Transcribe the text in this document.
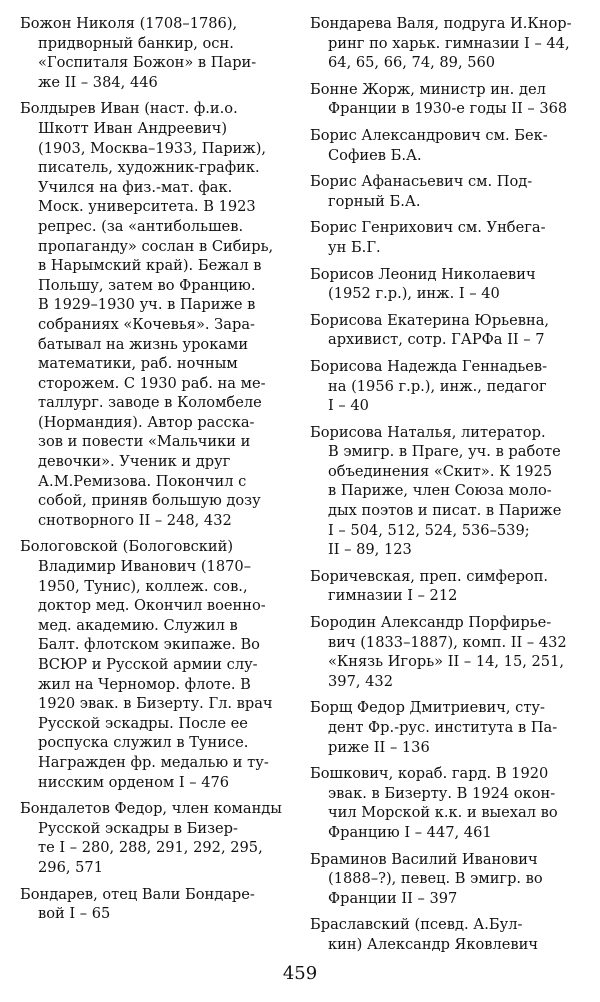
Божон Николя (1708–1786),
придворный банкир, осн.
«Госпиталя Божон» в Пари-
же II – 384, 446

Болдырев Иван (наст. ф.и.о.
Шкотт Иван Андреевич)
(1903, Москва–1933, Париж),
писатель, художник-график.
Учился на физ.-мат. фак.
Моск. университета. В 1923
репрес. (за «антибольшев.
пропаганду» сослан в Сибирь,
в Нарымский край). Бежал в
Польшу, затем во Францию.
В 1929–1930 уч. в Париже в
собраниях «Кочевья». Зара-
батывал на жизнь уроками
математики, раб. ночным
сторожем. С 1930 раб. на ме-
таллург. заводе в Коломбеле
(Нормандия). Автор расска-
зов и повести «Мальчики и
девочки». Ученик и друг
А.М.Ремизова. Покончил с
собой, приняв большую дозу
снотворного II – 248, 432

Бологовской (Бологовский)
Владимир Иванович (1870–
1950, Тунис), коллеж. сов.,
доктор мед. Окончил военно-
мед. академию. Служил в
Балт. флотском экипаже. Во
ВСЮР и Русской армии слу-
жил на Черномор. флоте. В
1920 эвак. в Бизерту. Гл. врач
Русской эскадры. После ее
роспуска служил в Тунисе.
Награжден фр. медалью и ту-
нисским орденом I – 476

Бондалетов Федор, член команды
Русской эскадры в Бизер-
те I – 280, 288, 291, 292, 295,
296, 571

Бондарев, отец Вали Бондаре-
вой I – 65

Бондарева Валя, подруга И.Кнор-
ринг по харьк. гимназии I – 44,
64, 65, 66, 74, 89, 560

Бонне Жорж, министр ин. дел
Франции в 1930-е годы II – 368

Борис Александрович см. Бек-
Софиев Б.А.

Борис Афанасьевич см. Под-
горный Б.А.

Борис Генрихович см. Унбега-
ун Б.Г.

Борисов Леонид Николаевич
(1952 г.р.), инж. I – 40

Борисова Екатерина Юрьевна,
архивист, сотр. ГАРФа II – 7

Борисова Надежда Геннадьев-
на (1956 г.р.), инж., педагог
I – 40

Борисова Наталья, литератор.
В эмигр. в Праге, уч. в работе
объединения «Скит». К 1925
в Париже, член Союза моло-
дых поэтов и писат. в Париже
I – 504, 512, 524, 536–539;
II – 89, 123

Боричевская, преп. симфероп.
гимназии I – 212

Бородин Александр Порфирье-
вич (1833–1887), комп. II – 432
«Князь Игорь» II – 14, 15, 251,
397, 432

Борщ Федор Дмитриевич, сту-
дент Фр.-рус. института в Па-
риже II – 136

Бошкович, кораб. гард. В 1920
эвак. в Бизерту. В 1924 окон-
чил Морской к.к. и выехал во
Францию I – 447, 461

Браминов Василий Иванович
(1888–?), певец. В эмигр. во
Франции II – 397

Браславский (псевд. А.Бул-
кин) Александр Яковлевич

459
